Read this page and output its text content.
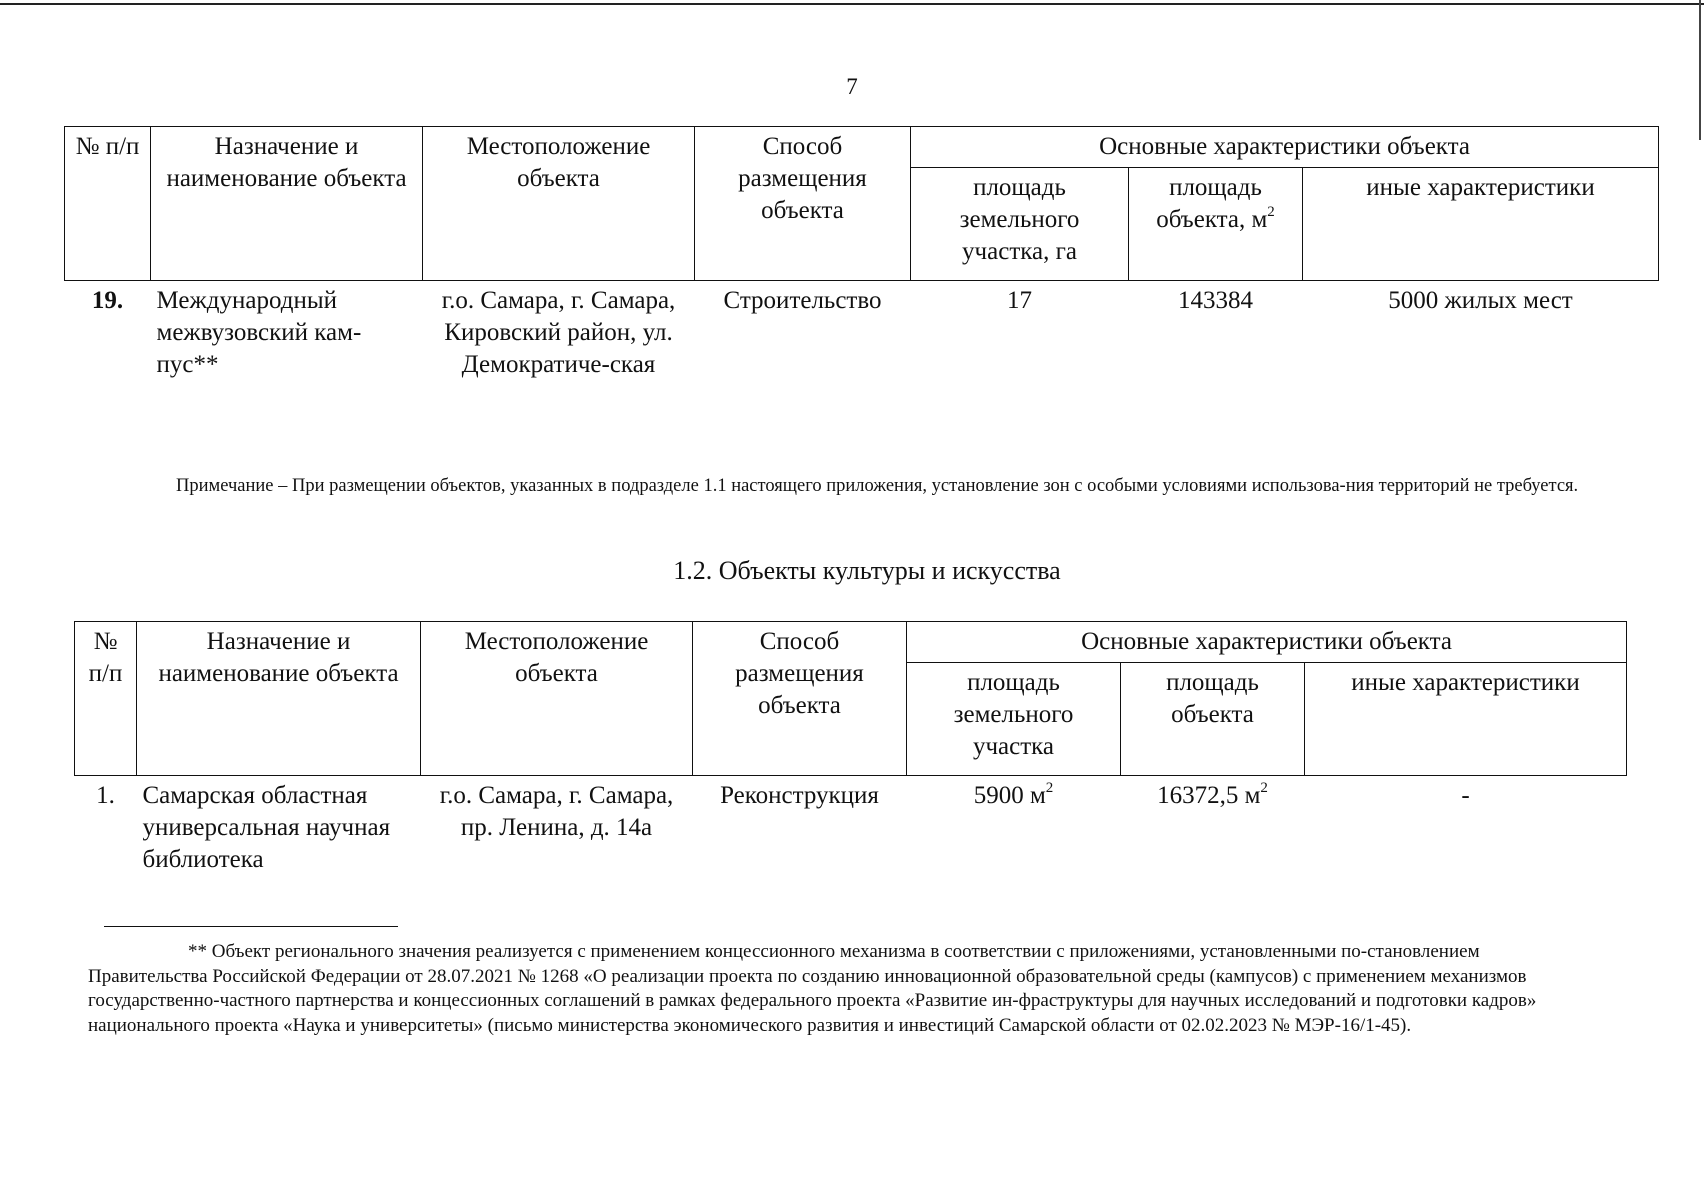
7
№ п/п	Назначение и наименование объекта	Местоположение объекта	Способ размещения объекта	Основные характеристики объекта		
				площадь земельного участка, га	площадь объекта, $м^2$	иные характеристики
19.	Международный межвузовский кам-пус**	г.о. Самара, г. Самара, Кировский район, ул. Демократиче-ская	Строительство	17	143384	5000 жилых мест
Примечание – При размещении объектов, указанных в подразделе 1.1 настоящего приложения, установление зон с особыми условиями использова-ния территорий не требуется.
1.2. Объекты культуры и искусства
№ п/п	Назначение и наименование объекта	Местоположение объекта	Способ размещения объекта	Основные характеристики объекта		
				площадь земельного участка	площадь объекта	иные характеристики
1.	Самарская областная универсальная научная библиотека	г.о. Самара, г. Самара, пр. Ленина, д. 14а	Реконструкция	5900 $м^2$	16372,5 $м^2$	-
** Объект регионального значения реализуется с применением концессионного механизма в соответствии с приложениями, установленными по-становлением Правительства Российской Федерации от 28.07.2021 № 1268 «О реализации проекта по созданию инновационной образовательной среды (кампусов) с применением механизмов государственно-частного партнерства и концессионных соглашений в рамках федерального проекта «Развитие ин-фраструктуры для научных исследований и подготовки кадров» национального проекта «Наука и университеты» (письмо министерства экономического развития и инвестиций Самарской области от 02.02.2023 № МЭР-16/1-45).
